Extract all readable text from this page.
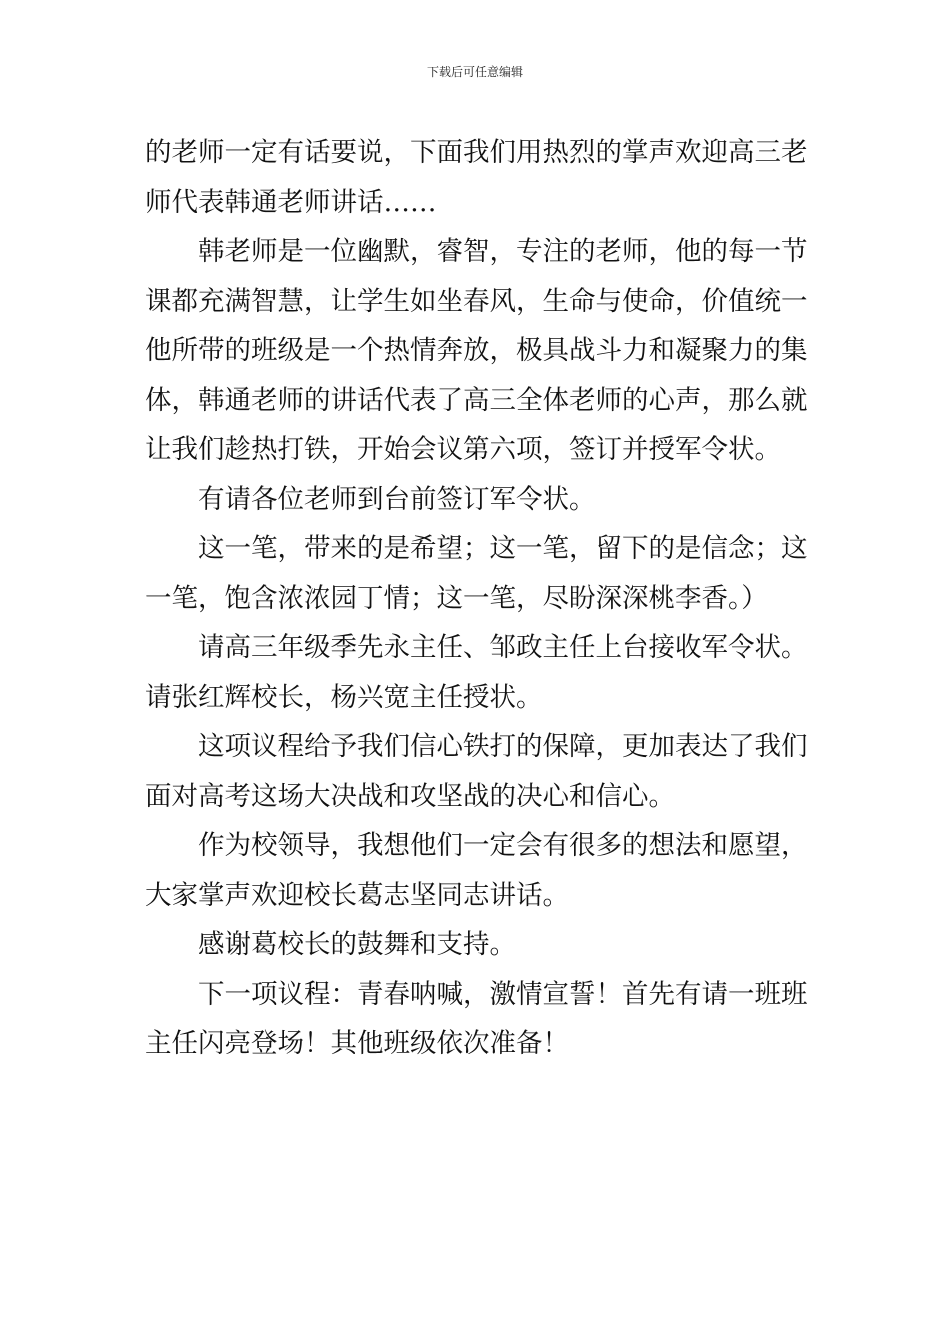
下载后可任意编辑

的老师一定有话要说，下面我们用热烈的掌声欢迎高三老
师代表韩通老师讲话……

韩老师是一位幽默，睿智，专注的老师，他的每一节
课都充满智慧，让学生如坐春风，生命与使命，价值统一
他所带的班级是一个热情奔放，极具战斗力和凝聚力的集
体，韩通老师的讲话代表了高三全体老师的心声，那么就
让我们趁热打铁，开始会议第六项，签订并授军令状。

有请各位老师到台前签订军令状。

这一笔，带来的是希望；这一笔，留下的是信念；这
一笔，饱含浓浓园丁情；这一笔，尽盼深深桃李香。）

请高三年级季先永主任、邹政主任上台接收军令状。
请张红辉校长，杨兴宽主任授状。

这项议程给予我们信心铁打的保障，更加表达了我们
面对高考这场大决战和攻坚战的决心和信心。

作为校领导，我想他们一定会有很多的想法和愿望，
大家掌声欢迎校长葛志坚同志讲话。

感谢葛校长的鼓舞和支持。

下一项议程：青春呐喊，激情宣誓！首先有请一班班
主任闪亮登场！其他班级依次准备！
